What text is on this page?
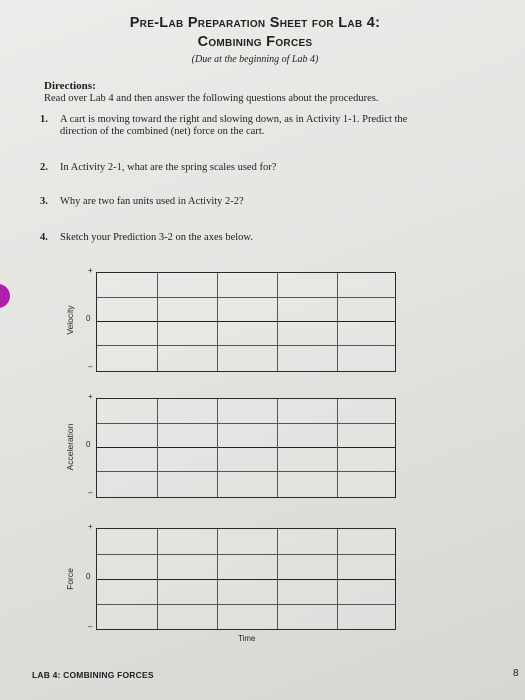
Pre-Lab Preparation Sheet for Lab 4:
Combining Forces
(Due at the beginning of Lab 4)
Directions:
Read over Lab 4 and then answer the following questions about the procedures.
1. A cart is moving toward the right and slowing down, as in Activity 1-1. Predict the direction of the combined (net) force on the cart.
2. In Activity 2-1, what are the spring scales used for?
3. Why are two fan units used in Activity 2-2?
4. Sketch your Prediction 3-2 on the axes below.
+
0
–
Velocity
+
0
–
Acceleration
+
0
–
Force
Time
LAB 4: COMBINING FORCES	8
